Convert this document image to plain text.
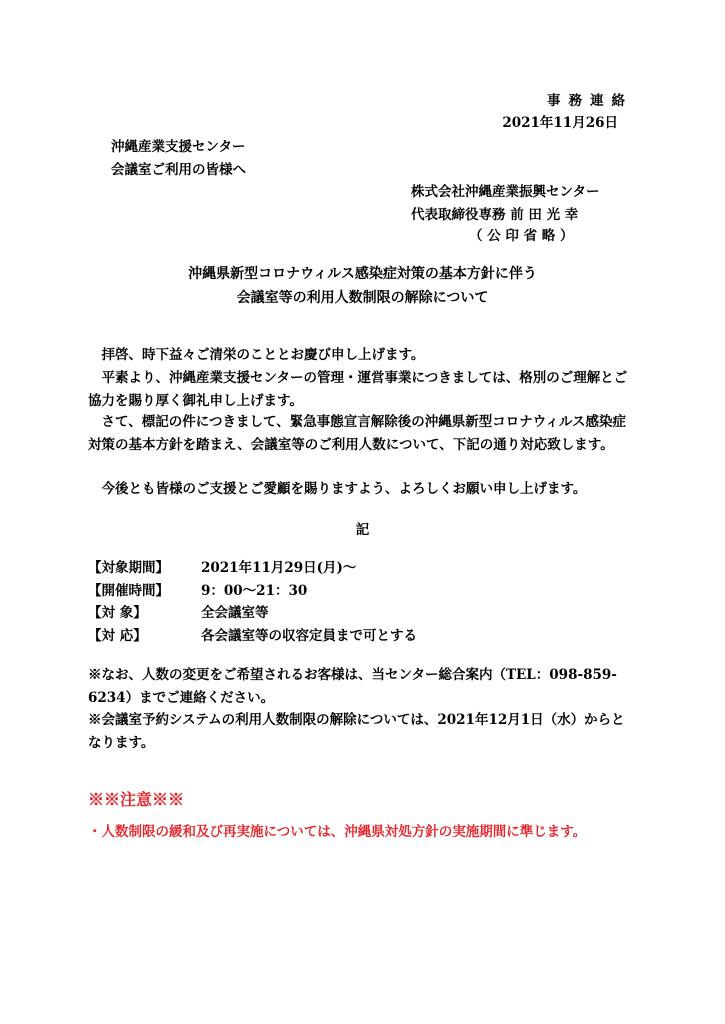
事務連絡
2021年11月26日
沖縄産業支援センター
会議室ご利用の皆様へ
株式会社沖縄産業振興センター
代表取締役専務 前 田 光 幸
（ 公 印 省 略 ）
沖縄県新型コロナウィルス感染症対策の基本方針に伴う
会議室等の利用人数制限の解除について
拝啓、時下益々ご清栄のこととお慶び申し上げます。
平素より、沖縄産業支援センターの管理・運営事業につきましては、格別のご理解とご協力を賜り厚く御礼申し上げます。
さて、標記の件につきまして、緊急事態宣言解除後の沖縄県新型コロナウィルス感染症対策の基本方針を踏まえ、会議室等のご利用人数について、下記の通り対応致します。
今後とも皆様のご支援とご愛顧を賜りますよう、よろしくお願い申し上げます。
記
【対象期間】 2021年11月29日(月)～
【開催時間】 9：00～21：30
【対 象】	全会議室等
【対 応】	各会議室等の収容定員まで可とする
※なお、人数の変更をご希望されるお客様は、当センター総合案内（TEL：098-859-6234）までご連絡ください。
※会議室予約システムの利用人数制限の解除については、2021年12月1日（水）からとなります。
※※注意※※
・人数制限の緩和及び再実施については、沖縄県対処方針の実施期間に準じます。
